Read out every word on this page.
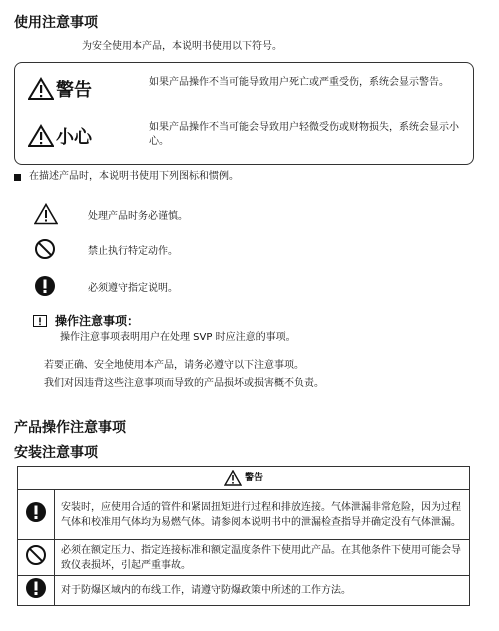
使用注意事项
为安全使用本产品，本说明书使用以下符号。
警告	如果产品操作不当可能导致用户死亡或严重受伤，系统会显示警告。
小心	如果产品操作不当可能会导致用户轻微受伤或财物损失，系统会显示小心。
在描述产品时，本说明书使用下列图标和惯例。
处理产品时务必谨慎。
禁止执行特定动作。
必须遵守指定说明。
操作注意事项：
操作注意事项表明用户在处理 SVP 时应注意的事项。
若要正确、安全地使用本产品，请务必遵守以下注意事项。
我们对因违背这些注意事项而导致的产品损坏或损害概不负责。
产品操作注意事项
安装注意事项
警告	

	安装时，应使用合适的管件和紧固扭矩进行过程和排放连接。气体泄漏非常危险，因为过程气体和校准用气体均为易燃气体。请参阅本说明书中的泄漏检查指导并确定没有气体泄漏。
	必须在额定压力、指定连接标准和额定温度条件下使用此产品。在其他条件下使用可能会导致仪表损坏，引起严重事故。
	对于防爆区域内的布线工作，请遵守防爆政策中所述的工作方法。
